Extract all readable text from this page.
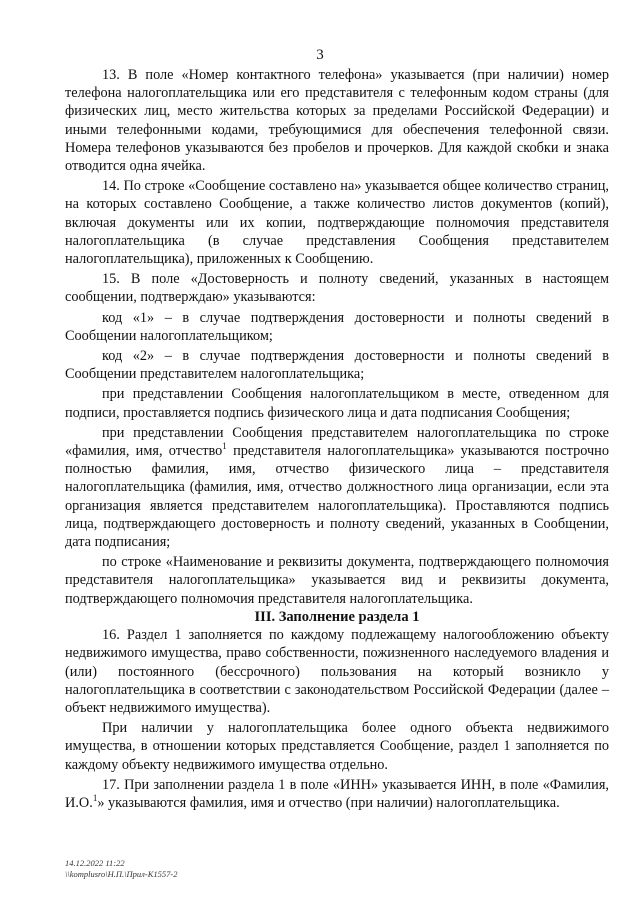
3

13. В поле «Номер контактного телефона» указывается (при наличии) номер телефона налогоплательщика или его представителя с телефонным кодом страны (для физических лиц, место жительства которых за пределами Российской Федерации) и иными телефонными кодами, требующимися для обеспечения телефонной связи. Номера телефонов указываются без пробелов и прочерков. Для каждой скобки и знака отводится одна ячейка.

14. По строке «Сообщение составлено на» указывается общее количество страниц, на которых составлено Сообщение, а также количество листов документов (копий), включая документы или их копии, подтверждающие полномочия представителя налогоплательщика (в случае представления Сообщения представителем налогоплательщика), приложенных к Сообщению.

15. В поле «Достоверность и полноту сведений, указанных в настоящем сообщении, подтверждаю» указываются:

код «1» – в случае подтверждения достоверности и полноты сведений в Сообщении налогоплательщиком;

код «2» – в случае подтверждения достоверности и полноты сведений в Сообщении представителем налогоплательщика;

при представлении Сообщения налогоплательщиком в месте, отведенном для подписи, проставляется подпись физического лица и дата подписания Сообщения;

при представлении Сообщения представителем налогоплательщика по строке «фамилия, имя, отчество$^1$ представителя налогоплательщика» указываются построчно полностью фамилия, имя, отчество физического лица – представителя налогоплательщика (фамилия, имя, отчество должностного лица организации, если эта организация является представителем налогоплательщика). Проставляются подпись лица, подтверждающего достоверность и полноту сведений, указанных в Сообщении, дата подписания;

по строке «Наименование и реквизиты документа, подтверждающего полномочия представителя налогоплательщика» указывается вид и реквизиты документа, подтверждающего полномочия представителя налогоплательщика.

III. Заполнение раздела 1

16. Раздел 1 заполняется по каждому подлежащему налогообложению объекту недвижимого имущества, право собственности, пожизненного наследуемого владения и (или) постоянного (бессрочного) пользования на который возникло у налогоплательщика в соответствии с законодательством Российской Федерации (далее – объект недвижимого имущества).

При наличии у налогоплательщика более одного объекта недвижимого имущества, в отношении которых представляется Сообщение, раздел 1 заполняется по каждому объекту недвижимого имущества отдельно.

17. При заполнении раздела 1 в поле «ИНН» указывается ИНН, в поле «Фамилия, И.О.$^1$» указываются фамилия, имя и отчество (при наличии) налогоплательщика.

14.12.2022 11:22
\\komplusro\Н.П.\Прил-К1557-2
